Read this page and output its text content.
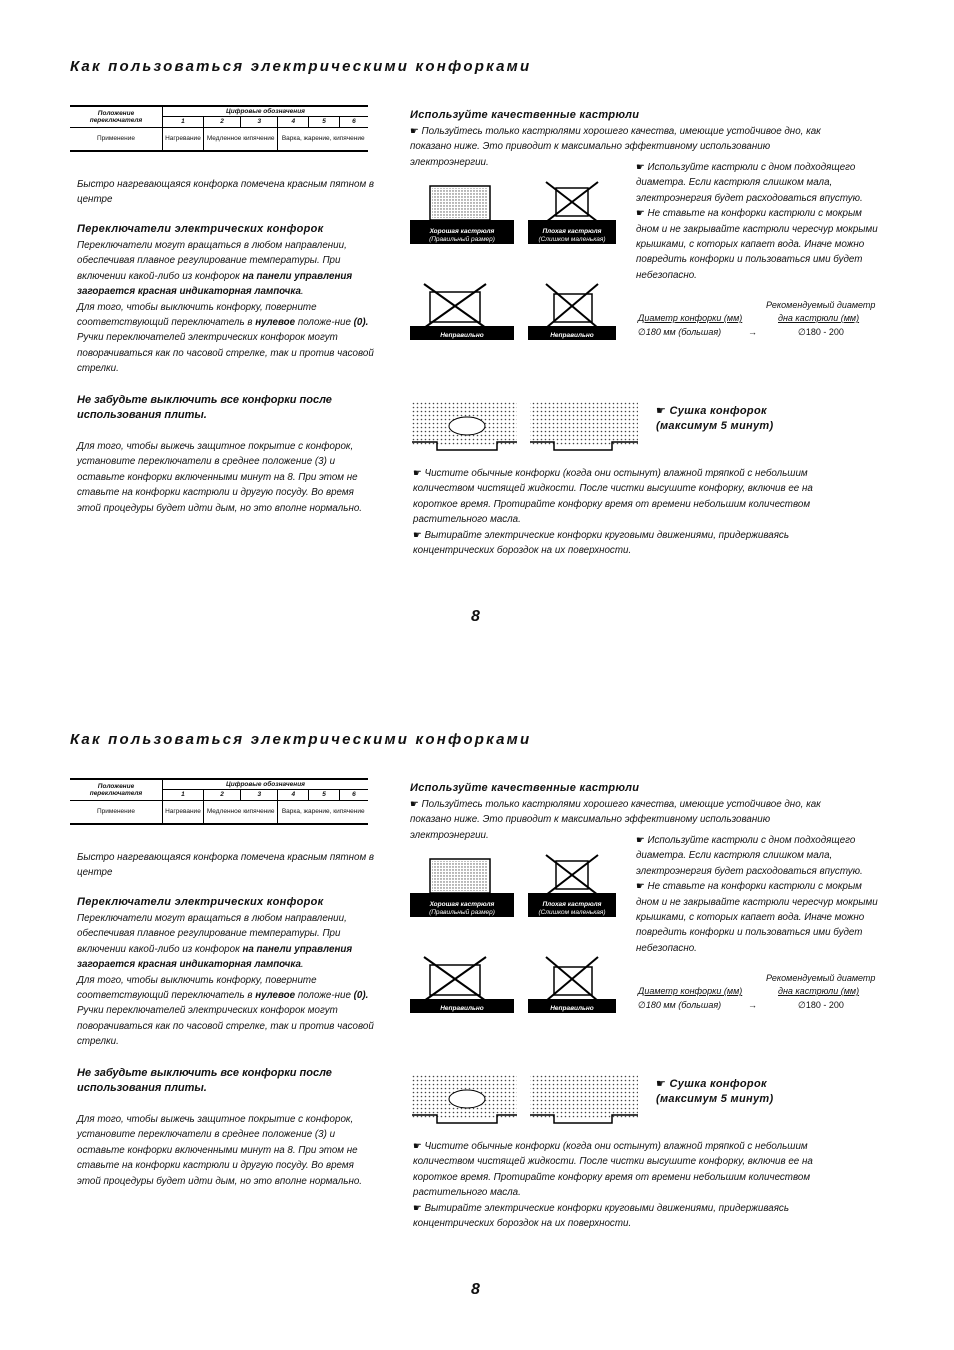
Как пользоваться электрическими конфорками
Положение переключателя	Цифровые обозначения					
	1	2	3	4	5	6
Применение	Нагревание	Медленное кипячение		Варка, жарение, кипячение		
Быстро нагревающаяся конфорка помечена красным пятном в центре
Переключатели электрических конфорок
Переключатели могут вращаться в любом направлении, обеспечивая плавное регулирование температуры. При включении какой-либо из конфорок на панели управления загорается красная индикаторная лампочка.
Для того, чтобы выключить конфорку, поверните соответствующий переключатель в нулевое положе-ние (0). Ручки переключателей электрических конфорок могут поворачиваться как по часовой стрелке, так и против часовой стрелки.
Не забудьте выключить все конфорки после использования плиты.
Для того, чтобы выжечь защитное покрытие с конфорок, установите переключатели в среднее положение (3) и оставьте конфорки включенными минут на 8. При этом не ставьте на конфорки кастрюли и другую посуду. Во время этой процедуры будет идти дым, но это вполне нормально.
Используйте качественные кастрюли
☛ Пользуйтесь только кастрюлями хорошего качества, имеющие устойчивое дно, как показано ниже. Это приводит к максимально эффективному использованию электроэнергии.	☛ Используйте кастрюли с дном подходящего диаметра. Если кастрюля слишком мала, электроэнергия будет расходоваться впустую.
☛ Не ставьте на конфорки кастрюли с мокрым дном и не закрывайте кастрюли чересчур мокрыми крышками, с которых капает вода. Иначе можно повредить конфорки и пользоваться ими будет небезопасно.
Хорошая кастрюля
(Правильный размер)
Плохая кастрюля
(Слишком маленькая)
Неправильно	Неправильно
Рекомендуемый диаметр
Диаметр конфорки (мм)	дна кастрюли (мм)
∅180 мм (большая)	→	∅180 - 200
☛ Сушка конфорок (максимум 5 минут)
☛ Чистите обычные конфорки (когда они остынут) влажной тряпкой с небольшим количеством чистящей жидкости. После чистки высушите конфорку, включив ее на короткое время. Протирайте конфорку время от времени небольшим количеством растительного масла.
☛ Вытирайте электрические конфорки круговыми движениями, придерживаясь концентрических бороздок на их поверхности.
8
Как пользоваться электрическими конфорками
Положение переключателя	Цифровые обозначения					
	1	2	3	4	5	6
Применение	Нагревание	Медленное кипячение		Варка, жарение, кипячение		
Быстро нагревающаяся конфорка помечена красным пятном в центре
Переключатели электрических конфорок
Переключатели могут вращаться в любом направлении, обеспечивая плавное регулирование температуры. При включении какой-либо из конфорок на панели управления загорается красная индикаторная лампочка.
Для того, чтобы выключить конфорку, поверните соответствующий переключатель в нулевое положе-ние (0). Ручки переключателей электрических конфорок могут поворачиваться как по часовой стрелке, так и против часовой стрелки.
Не забудьте выключить все конфорки после использования плиты.
Для того, чтобы выжечь защитное покрытие с конфорок, установите переключатели в среднее положение (3) и оставьте конфорки включенными минут на 8. При этом не ставьте на конфорки кастрюли и другую посуду. Во время этой процедуры будет идти дым, но это вполне нормально.
Используйте качественные кастрюли
☛ Пользуйтесь только кастрюлями хорошего качества, имеющие устойчивое дно, как показано ниже. Это приводит к максимально эффективному использованию электроэнергии.	☛ Используйте кастрюли с дном подходящего диаметра. Если кастрюля слишком мала, электроэнергия будет расходоваться впустую.
☛ Не ставьте на конфорки кастрюли с мокрым дном и не закрывайте кастрюли чересчур мокрыми крышками, с которых капает вода. Иначе можно повредить конфорки и пользоваться ими будет небезопасно.
Хорошая кастрюля
(Правильный размер)
Плохая кастрюля
(Слишком маленькая)
Неправильно	Неправильно
Рекомендуемый диаметр
Диаметр конфорки (мм)	дна кастрюли (мм)
∅180 мм (большая)	→	∅180 - 200
☛ Сушка конфорок (максимум 5 минут)
☛ Чистите обычные конфорки (когда они остынут) влажной тряпкой с небольшим количеством чистящей жидкости. После чистки высушите конфорку, включив ее на короткое время. Протирайте конфорку время от времени небольшим количеством растительного масла.
☛ Вытирайте электрические конфорки круговыми движениями, придерживаясь концентрических бороздок на их поверхности.
8
